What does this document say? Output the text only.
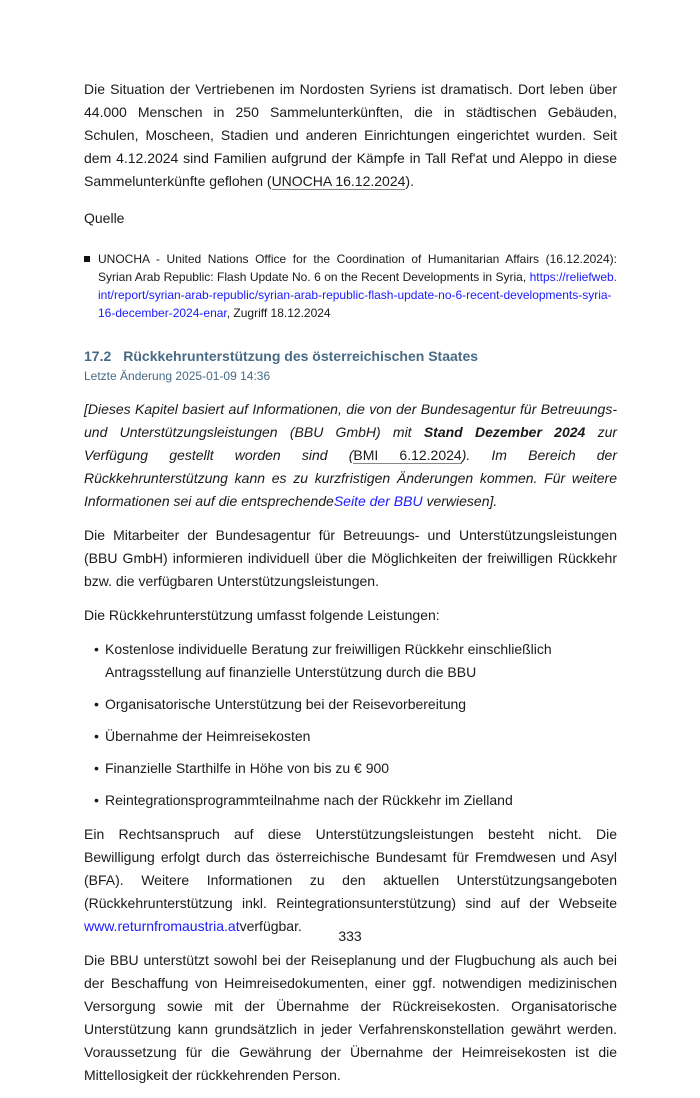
Die Situation der Vertriebenen im Nordosten Syriens ist dramatisch. Dort leben über 44.000 Menschen in 250 Sammelunterkünften, die in städtischen Gebäuden, Schulen, Moscheen, Stadien und anderen Einrichtungen eingerichtet wurden. Seit dem 4.12.2024 sind Familien aufgrund der Kämpfe in Tall Ref'at und Aleppo in diese Sammelunterkünfte geflohen (UNOCHA 16.12.2024).

Quelle

UNOCHA - United Nations Office for the Coordination of Humanitarian Affairs (16.12.2024): Syrian Arab Republic: Flash Update No. 6 on the Recent Developments in Syria, https://reliefweb.int/report/syrian-arab-republic/syrian-arab-republic-flash-update-no-6-recent-developments-syria-16-december-2024-enar, Zugriff 18.12.2024
17.2 Rückkehrunterstützung des österreichischen Staates
Letzte Änderung 2025-01-09 14:36

[Dieses Kapitel basiert auf Informationen, die von der Bundesagentur für Betreuungs- und Unterstützungsleistungen (BBU GmbH) mit Stand Dezember 2024 zur Verfügung gestellt worden sind (BMI 6.12.2024). Im Bereich der Rückkehrunterstützung kann es zu kurzfristigen Änderungen kommen. Für weitere Informationen sei auf die entsprechendeSeite der BBU verwiesen].

Die Mitarbeiter der Bundesagentur für Betreuungs- und Unterstützungsleistungen (BBU GmbH) informieren individuell über die Möglichkeiten der freiwilligen Rückkehr bzw. die verfügbaren Unterstützungsleistungen.

Die Rückkehrunterstützung umfasst folgende Leistungen:

• Kostenlose individuelle Beratung zur freiwilligen Rückkehr einschließlich Antragsstellung auf finanzielle Unterstützung durch die BBU
• Organisatorische Unterstützung bei der Reisevorbereitung
• Übernahme der Heimreisekosten
• Finanzielle Starthilfe in Höhe von bis zu € 900
• Reintegrationsprogrammteilnahme nach der Rückkehr im Zielland

Ein Rechtsanspruch auf diese Unterstützungsleistungen besteht nicht. Die Bewilligung erfolgt durch das österreichische Bundesamt für Fremdwesen und Asyl (BFA). Weitere Informationen zu den aktuellen Unterstützungsangeboten (Rückkehrunterstützung inkl. Reintegrationsunterstützung) sind auf der Webseite www.returnfromaustria.atverfügbar.

Die BBU unterstützt sowohl bei der Reiseplanung und der Flugbuchung als auch bei der Beschaffung von Heimreisedokumenten, einer ggf. notwendigen medizinischen Versorgung sowie mit der Übernahme der Rückreisekosten. Organisatorische Unterstützung kann grundsätzlich in jeder Verfahrenskonstellation gewährt werden. Voraussetzung für die Gewährung der Übernahme der Heimreisekosten ist die Mittellosigkeit der rückkehrenden Person.

333
